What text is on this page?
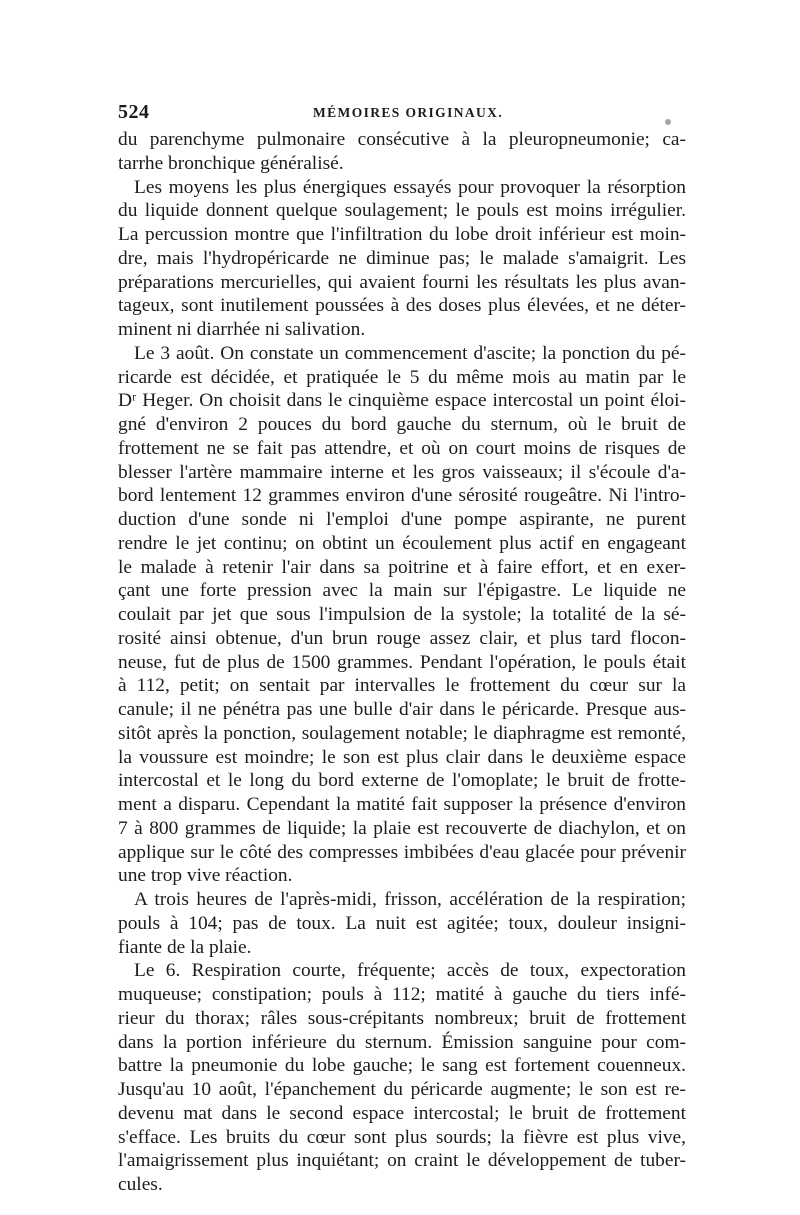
524	MÉMOIRES ORIGINAUX.
du parenchyme pulmonaire consécutive à la pleuropneumonie; ca-
tarrhe bronchique généralisé.
Les moyens les plus énergiques essayés pour provoquer la résorption
du liquide donnent quelque soulagement; le pouls est moins irrégulier.
La percussion montre que l'infiltration du lobe droit inférieur est moin-
dre, mais l'hydropéricarde ne diminue pas; le malade s'amaigrit. Les
préparations mercurielles, qui avaient fourni les résultats les plus avan-
tageux, sont inutilement poussées à des doses plus élevées, et ne déter-
minent ni diarrhée ni salivation.
Le 3 août. On constate un commencement d'ascite; la ponction du pé-
ricarde est décidée, et pratiquée le 5 du même mois au matin par le
Dʳ Heger. On choisit dans le cinquième espace intercostal un point éloi-
gné d'environ 2 pouces du bord gauche du sternum, où le bruit de
frottement ne se fait pas attendre, et où on court moins de risques de
blesser l'artère mammaire interne et les gros vaisseaux; il s'écoule d'a-
bord lentement 12 grammes environ d'une sérosité rougeâtre. Ni l'intro-
duction d'une sonde ni l'emploi d'une pompe aspirante, ne purent
rendre le jet continu; on obtint un écoulement plus actif en engageant
le malade à retenir l'air dans sa poitrine et à faire effort, et en exer-
çant une forte pression avec la main sur l'épigastre. Le liquide ne
coulait par jet que sous l'impulsion de la systole; la totalité de la sé-
rosité ainsi obtenue, d'un brun rouge assez clair, et plus tard flocon-
neuse, fut de plus de 1500 grammes. Pendant l'opération, le pouls était
à 112, petit; on sentait par intervalles le frottement du cœur sur la
canule; il ne pénétra pas une bulle d'air dans le péricarde. Presque aus-
sitôt après la ponction, soulagement notable; le diaphragme est remonté,
la voussure est moindre; le son est plus clair dans le deuxième espace
intercostal et le long du bord externe de l'omoplate; le bruit de frotte-
ment a disparu. Cependant la matité fait supposer la présence d'environ
7 à 800 grammes de liquide; la plaie est recouverte de diachylon, et on
applique sur le côté des compresses imbibées d'eau glacée pour prévenir
une trop vive réaction.
A trois heures de l'après-midi, frisson, accélération de la respiration;
pouls à 104; pas de toux. La nuit est agitée; toux, douleur insigni-
fiante de la plaie.
Le 6. Respiration courte, fréquente; accès de toux, expectoration
muqueuse; constipation; pouls à 112; matité à gauche du tiers infé-
rieur du thorax; râles sous-crépitants nombreux; bruit de frottement
dans la portion inférieure du sternum. Émission sanguine pour com-
battre la pneumonie du lobe gauche; le sang est fortement couenneux.
Jusqu'au 10 août, l'épanchement du péricarde augmente; le son est re-
devenu mat dans le second espace intercostal; le bruit de frottement
s'efface. Les bruits du cœur sont plus sourds; la fièvre est plus vive,
l'amaigrissement plus inquiétant; on craint le développement de tuber-
cules.
